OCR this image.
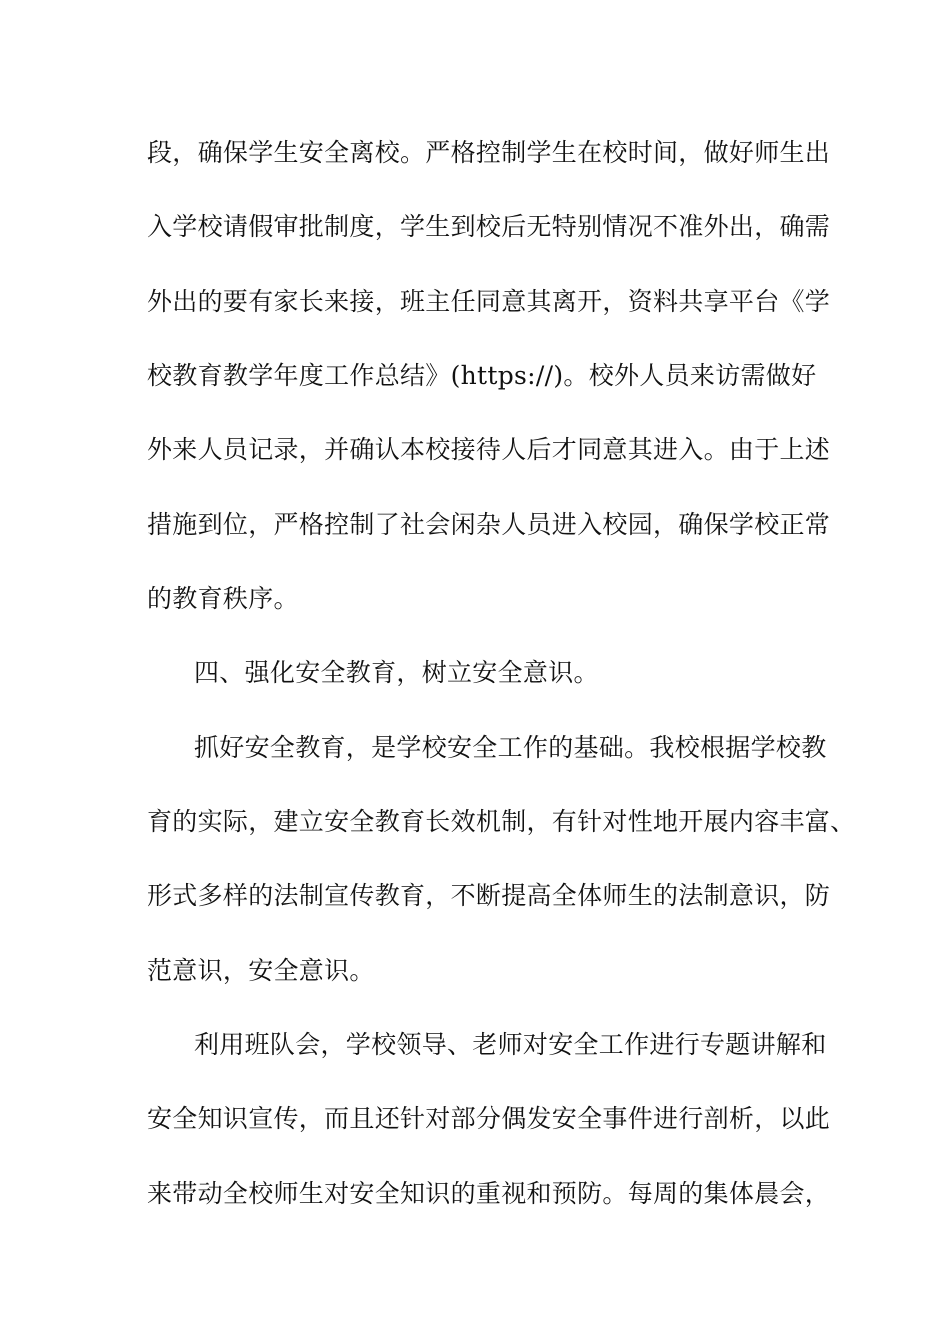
段，确保学生安全离校。严格控制学生在校时间，做好师生出
入学校请假审批制度，学生到校后无特别情况不准外出，确需
外出的要有家长来接，班主任同意其离开，资料共享平台《学
校教育教学年度工作总结》(https://)。校外人员来访需做好
外来人员记录，并确认本校接待人后才同意其进入。由于上述
措施到位，严格控制了社会闲杂人员进入校园，确保学校正常
的教育秩序。
四、强化安全教育，树立安全意识。
抓好安全教育，是学校安全工作的基础。我校根据学校教
育的实际，建立安全教育长效机制，有针对性地开展内容丰富、
形式多样的法制宣传教育，不断提高全体师生的法制意识，防
范意识，安全意识。
利用班队会，学校领导、老师对安全工作进行专题讲解和
安全知识宣传，而且还针对部分偶发安全事件进行剖析，以此
来带动全校师生对安全知识的重视和预防。每周的集体晨会，
